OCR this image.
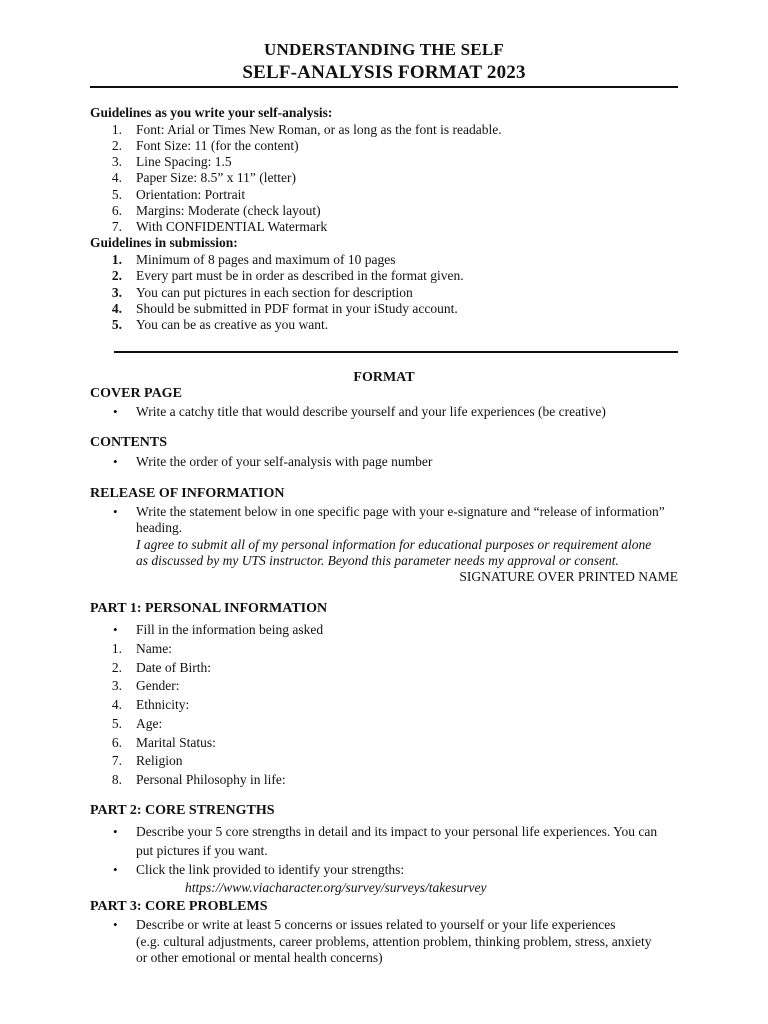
UNDERSTANDING THE SELF
SELF-ANALYSIS FORMAT 2023
Guidelines as you write your self-analysis:
1. Font: Arial or Times New Roman, or as long as the font is readable.
2. Font Size: 11 (for the content)
3. Line Spacing: 1.5
4. Paper Size: 8.5” x 11” (letter)
5. Orientation: Portrait
6. Margins: Moderate (check layout)
7. With CONFIDENTIAL Watermark
Guidelines in submission:
1. Minimum of 8 pages and maximum of 10 pages
2. Every part must be in order as described in the format given.
3. You can put pictures in each section for description
4. Should be submitted in PDF format in your iStudy account.
5. You can be as creative as you want.
FORMAT
COVER PAGE
• Write a catchy title that would describe yourself and your life experiences (be creative)
CONTENTS
• Write the order of your self-analysis with page number
RELEASE OF INFORMATION
• Write the statement below in one specific page with your e-signature and “release of information”
heading.
I agree to submit all of my personal information for educational purposes or requirement alone
as discussed by my UTS instructor. Beyond this parameter needs my approval or consent.
SIGNATURE OVER PRINTED NAME
PART 1: PERSONAL INFORMATION
• Fill in the information being asked
1. Name:
2. Date of Birth:
3. Gender:
4. Ethnicity:
5. Age:
6. Marital Status:
7. Religion
8. Personal Philosophy in life:
PART 2: CORE STRENGTHS
• Describe your 5 core strengths in detail and its impact to your personal life experiences. You can
put pictures if you want.
• Click the link provided to identify your strengths:
https://www.viacharacter.org/survey/surveys/takesurvey
PART 3: CORE PROBLEMS
• Describe or write at least 5 concerns or issues related to yourself or your life experiences
(e.g. cultural adjustments, career problems, attention problem, thinking problem, stress, anxiety
or other emotional or mental health concerns)
